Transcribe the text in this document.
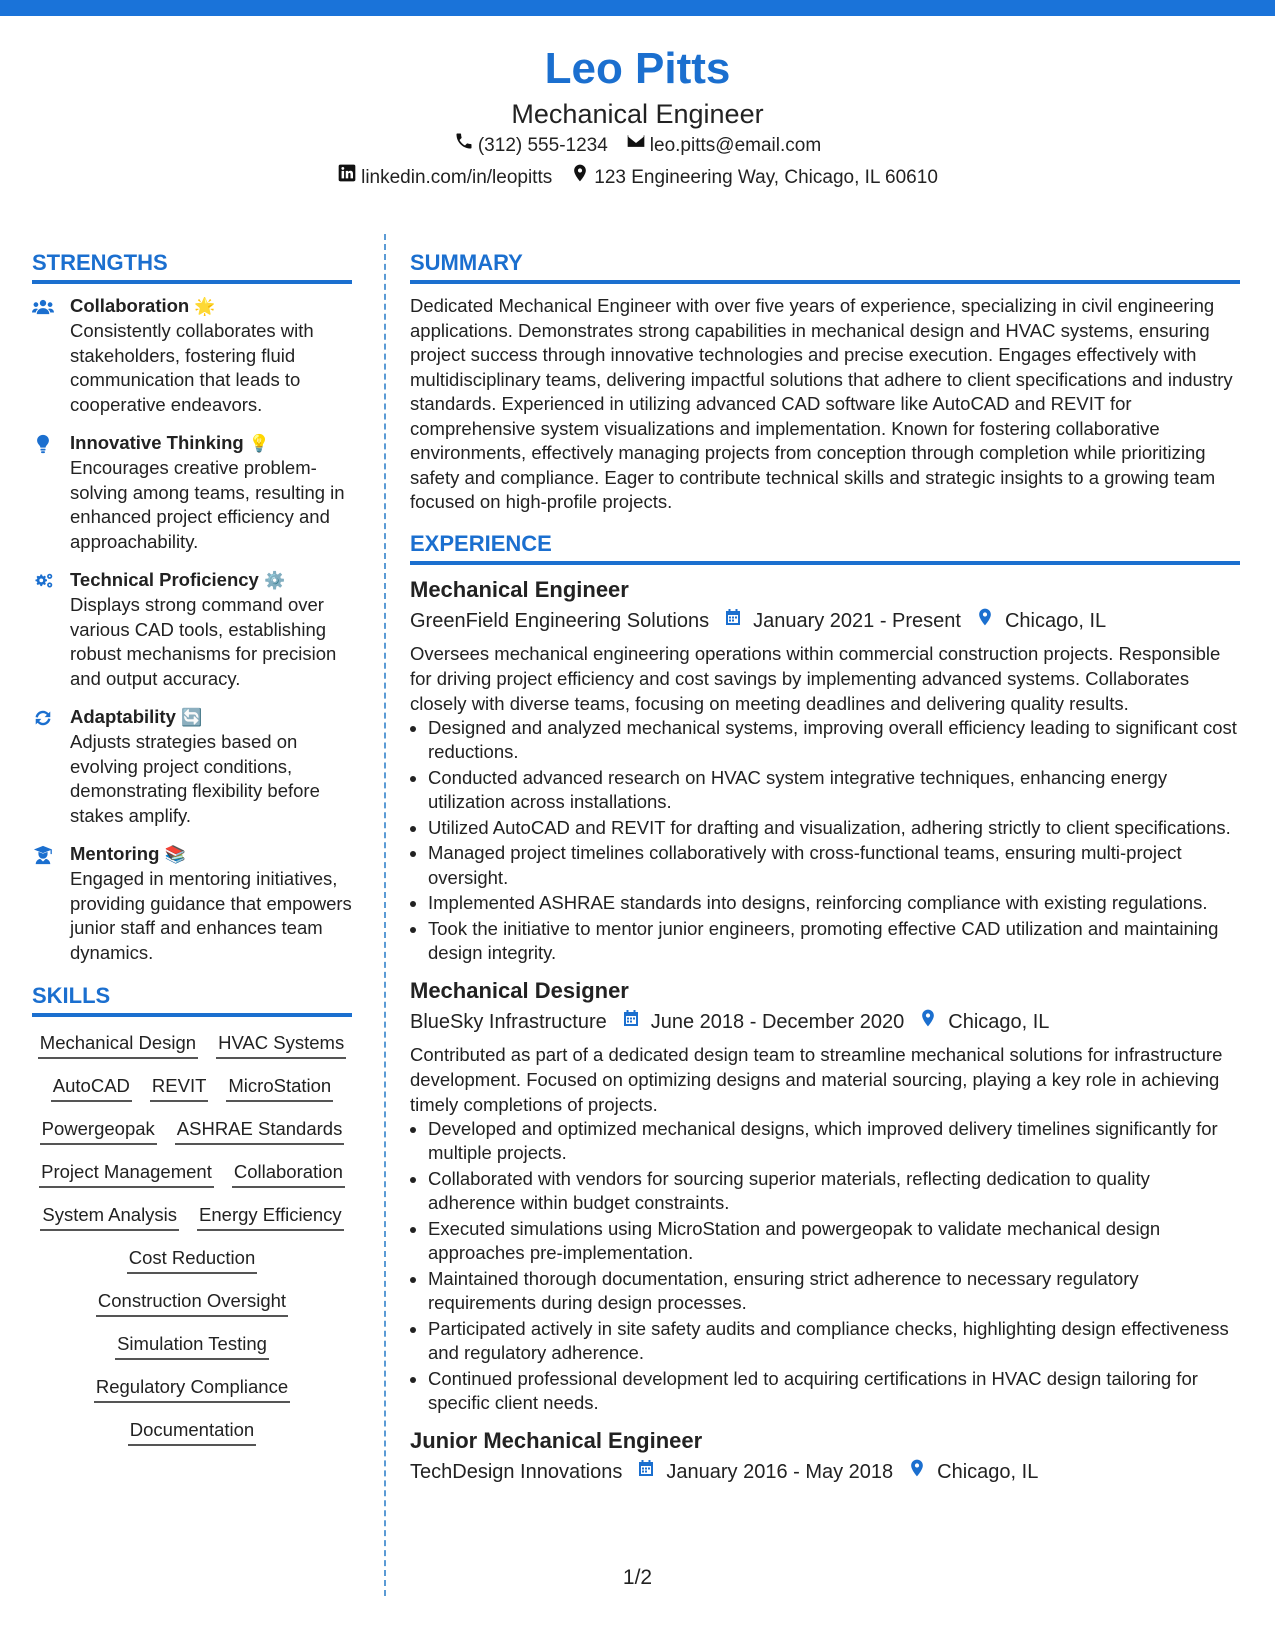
Leo Pitts
Mechanical Engineer
(312) 555-1234 leo.pitts@email.com
linkedin.com/in/leopitts 123 Engineering Way, Chicago, IL 60610
STRENGTHS
Collaboration 🌟
Consistently collaborates with stakeholders, fostering fluid communication that leads to cooperative endeavors.
Innovative Thinking 💡
Encourages creative problem-solving among teams, resulting in enhanced project efficiency and approachability.
Technical Proficiency ⚙️
Displays strong command over various CAD tools, establishing robust mechanisms for precision and output accuracy.
Adaptability 🔄
Adjusts strategies based on evolving project conditions, demonstrating flexibility before stakes amplify.
Mentoring 📚
Engaged in mentoring initiatives, providing guidance that empowers junior staff and enhances team dynamics.
SKILLS
Mechanical Design HVAC Systems
AutoCAD REVIT MicroStation
Powergeopak ASHRAE Standards
Project Management Collaboration
System Analysis Energy Efficiency
Cost Reduction
Construction Oversight
Simulation Testing
Regulatory Compliance
Documentation
SUMMARY

Dedicated Mechanical Engineer with over five years of experience, specializing in civil engineering applications. Demonstrates strong capabilities in mechanical design and HVAC systems, ensuring project success through innovative technologies and precise execution. Engages effectively with multidisciplinary teams, delivering impactful solutions that adhere to client specifications and industry standards. Experienced in utilizing advanced CAD software like AutoCAD and REVIT for comprehensive system visualizations and implementation. Known for fostering collaborative environments, effectively managing projects from conception through completion while prioritizing safety and compliance. Eager to contribute technical skills and strategic insights to a growing team focused on high-profile projects.

EXPERIENCE
Mechanical Engineer
GreenField Engineering Solutions January 2021 - Present Chicago, IL
Oversees mechanical engineering operations within commercial construction projects. Responsible for driving project efficiency and cost savings by implementing advanced systems. Collaborates closely with diverse teams, focusing on meeting deadlines and delivering quality results.
• Designed and analyzed mechanical systems, improving overall efficiency leading to significant cost reductions.
• Conducted advanced research on HVAC system integrative techniques, enhancing energy utilization across installations.
• Utilized AutoCAD and REVIT for drafting and visualization, adhering strictly to client specifications.
• Managed project timelines collaboratively with cross-functional teams, ensuring multi-project oversight.
• Implemented ASHRAE standards into designs, reinforcing compliance with existing regulations.
• Took the initiative to mentor junior engineers, promoting effective CAD utilization and maintaining design integrity.
Mechanical Designer
BlueSky Infrastructure June 2018 - December 2020 Chicago, IL
Contributed as part of a dedicated design team to streamline mechanical solutions for infrastructure development. Focused on optimizing designs and material sourcing, playing a key role in achieving timely completions of projects.
• Developed and optimized mechanical designs, which improved delivery timelines significantly for multiple projects.
• Collaborated with vendors for sourcing superior materials, reflecting dedication to quality adherence within budget constraints.
• Executed simulations using MicroStation and powergeopak to validate mechanical design approaches pre-implementation.
• Maintained thorough documentation, ensuring strict adherence to necessary regulatory requirements during design processes.
• Participated actively in site safety audits and compliance checks, highlighting design effectiveness and regulatory adherence.
• Continued professional development led to acquiring certifications in HVAC design tailoring for specific client needs.
Junior Mechanical Engineer
TechDesign Innovations January 2016 - May 2018 Chicago, IL
1/2
